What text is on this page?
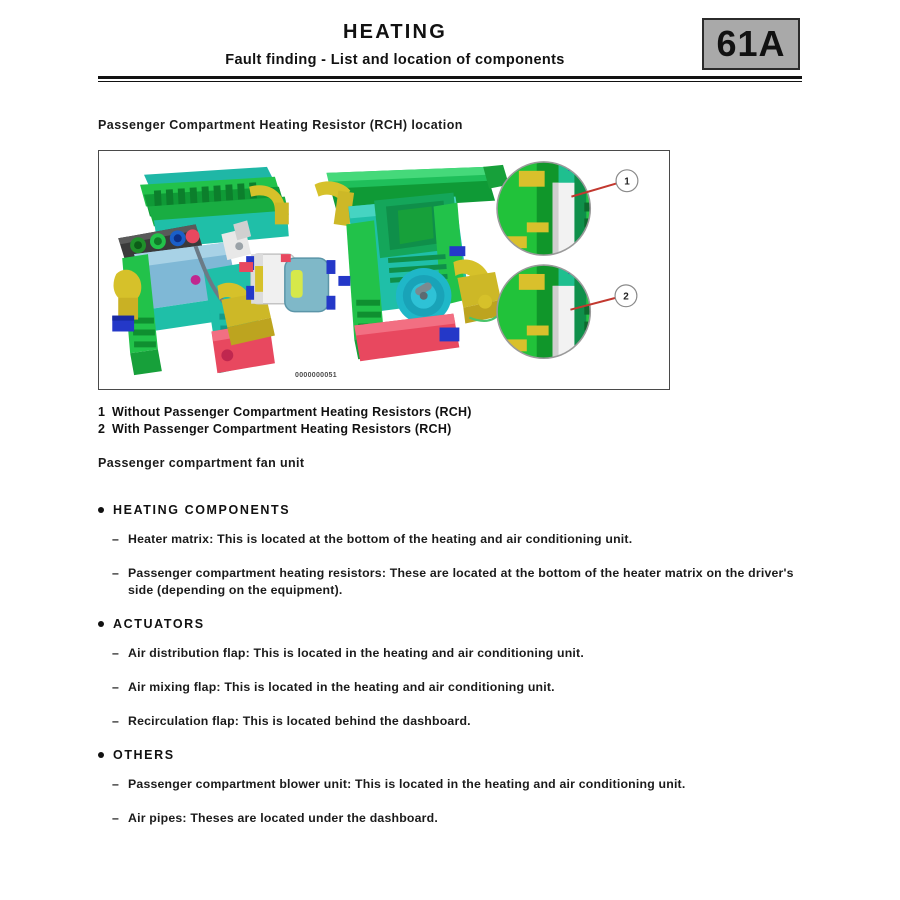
HEATING
Fault finding - List and location of components	61A
Passenger Compartment Heating Resistor (RCH) location
1
2
0000000051
1 Without Passenger Compartment Heating Resistors (RCH)
2 With Passenger Compartment Heating Resistors (RCH)
Passenger compartment fan unit
HEATING COMPONENTS
– Heater matrix: This is located at the bottom of the heating and air conditioning unit.
– Passenger compartment heating resistors: These are located at the bottom of the heater matrix on the driver's side (depending on the equipment).
ACTUATORS
– Air distribution flap: This is located in the heating and air conditioning unit.
– Air mixing flap: This is located in the heating and air conditioning unit.
– Recirculation flap: This is located behind the dashboard.
OTHERS
– Passenger compartment blower unit: This is located in the heating and air conditioning unit.
– Air pipes: Theses are located under the dashboard.
